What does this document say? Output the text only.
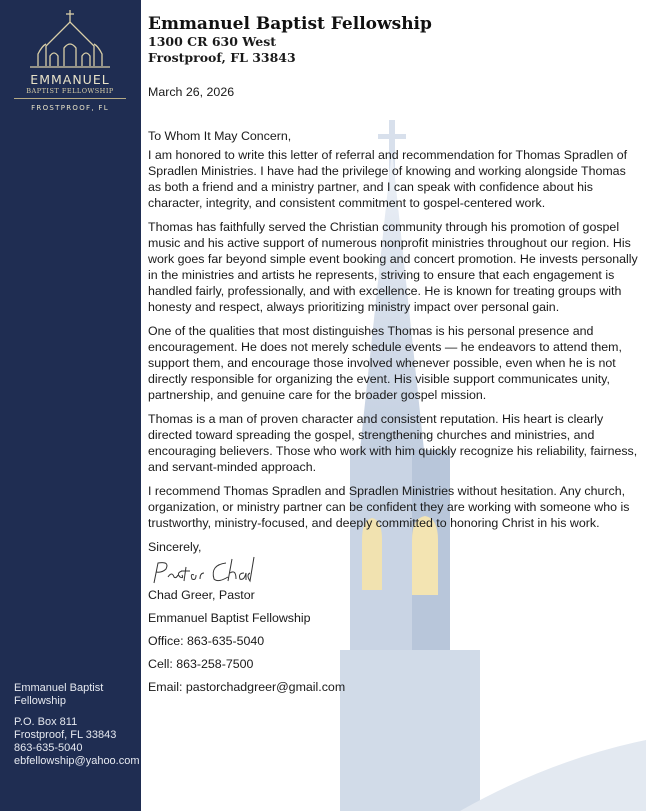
EMMANUEL
BAPTIST FELLOWSHIP
FROSTPROOF, FL

Emmanuel Baptist
Fellowship

P.O. Box 811
Frostproof, FL 33843
863-635-5040
ebfellowship@yahoo.com

Emmanuel Baptist Fellowship
1300 CR 630 West
Frostproof, FL 33843
March 26, 2026
To Whom It May Concern,

I am honored to write this letter of referral and recommendation for Thomas Spradlen of Spradlen Ministries. I have had the privilege of knowing and working alongside Thomas as both a friend and a ministry partner, and I can speak with confidence about his character, integrity, and consistent commitment to gospel-centered work.

Thomas has faithfully served the Christian community through his promotion of gospel music and his active support of numerous nonprofit ministries throughout our region. His work goes far beyond simple event booking and concert promotion. He invests personally in the ministries and artists he represents, striving to ensure that each engagement is handled fairly, professionally, and with excellence. He is known for treating groups with honesty and respect, always prioritizing ministry impact over personal gain.

One of the qualities that most distinguishes Thomas is his personal presence and encouragement. He does not merely schedule events — he endeavors to attend them, support them, and encourage those involved whenever possible, even when he is not directly responsible for organizing the event. His visible support communicates unity, partnership, and genuine care for the broader gospel mission.

Thomas is a man of proven character and consistent reputation. His heart is clearly directed toward spreading the gospel, strengthening churches and ministries, and encouraging believers. Those who work with him quickly recognize his reliability, fairness, and servant-minded approach.

I recommend Thomas Spradlen and Spradlen Ministries without hesitation. Any church, organization, or ministry partner can be confident they are working with someone who is trustworthy, ministry-focused, and deeply committed to honoring Christ in his work.

Sincerely,

Chad Greer, Pastor

Emmanuel Baptist Fellowship

Office: 863-635-5040

Cell: 863-258-7500

Email: pastorchadgreer@gmail.com
